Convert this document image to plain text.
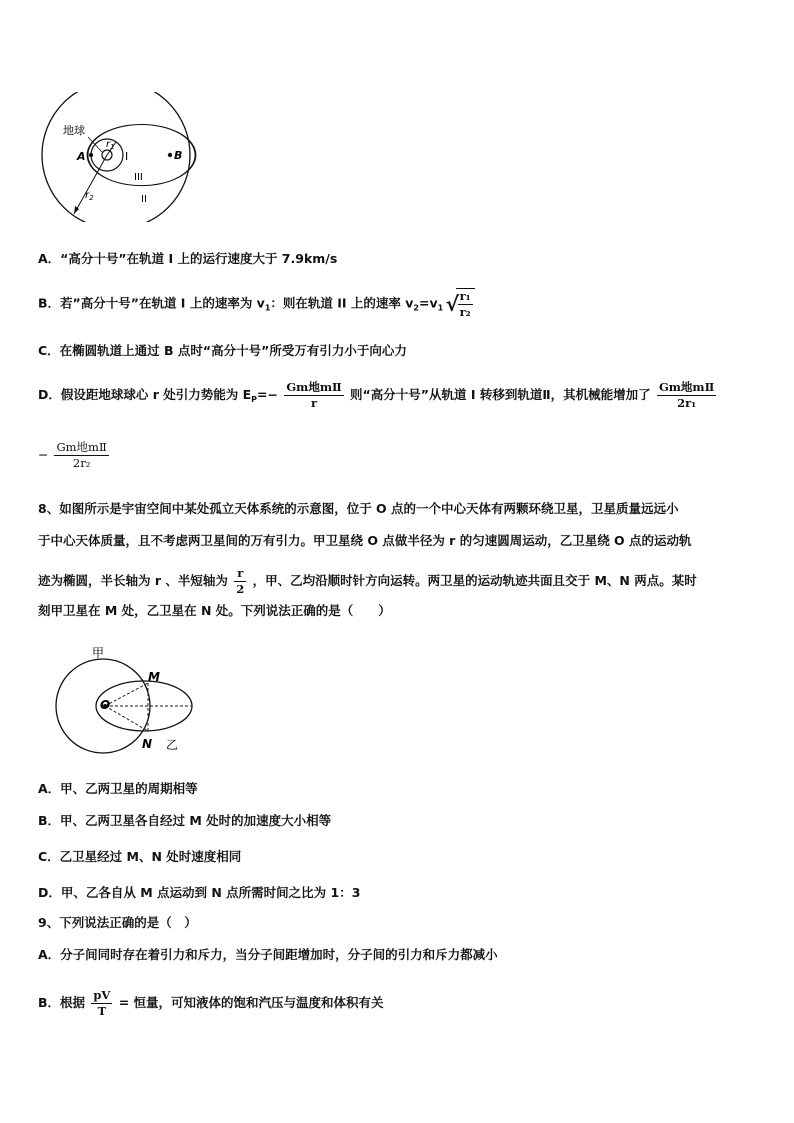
地球
A	B
$r_1$
$r_2$
I
III
II
A．“高分十号”在轨道 I 上的运行速度大于 7.9km/s
B．若”高分十号”在轨道 I 上的速率为 $v_1$：则在轨道 II 上的速率 $v_2=v_1$
√ $\frac{\text{r₁}}{\text{r₂}}$
C．在椭圆轨道上通过 B 点时“高分十号”所受万有引力小于向心力
D．假设距地球球心 r 处引力势能为 $E_P=- \frac{\text{Gm地mⅡ}}{r}$ 则“高分十号”从轨道 I 转移到轨道Ⅱ，其机械能增加了 $\frac{\text{Gm地mⅡ}}{\text{2r₁}}$
− $\frac{\text{Gm地mⅡ}}{\text{2r₂}}$
8、如图所示是宇宙空间中某处孤立天体系统的示意图，位于 O 点的一个中心天体有两颗环绕卫星，卫星质量远远小
于中心天体质量，且不考虑两卫星间的万有引力。甲卫星绕 O 点做半径为 r 的匀速圆周运动，乙卫星绕 O 点的运动轨
迹为椭圆，半长轴为 r 、半短轴为 $\frac{r}{2}$ ，甲、乙均沿顺时针方向运转。两卫星的运动轨迹共面且交于 M、N 两点。某时
刻甲卫星在 M 处，乙卫星在 N 处。下列说法正确的是（　　）
甲
M
O
N 乙
A．甲、乙两卫星的周期相等
B．甲、乙两卫星各自经过 M 处时的加速度大小相等
C．乙卫星经过 M、N 处时速度相同
D．甲、乙各自从 M 点运动到 N 点所需时间之比为 1：3
9、下列说法正确的是（　）
A．分子间同时存在着引力和斥力，当分子间距增加时，分子间的引力和斥力都减小
B．根据 $\frac{pV}{T}$ = 恒量，可知液体的饱和汽压与温度和体积有关
